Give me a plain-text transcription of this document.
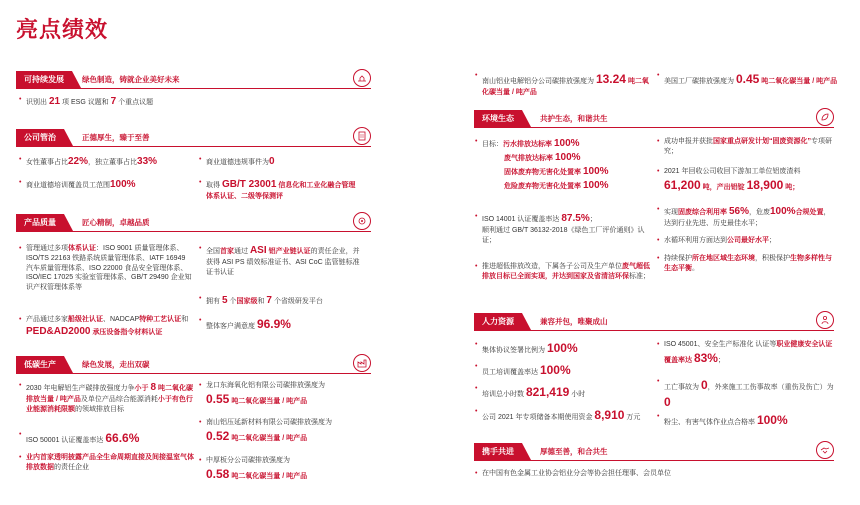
亮点绩效
可持续发展	绿色制造，铸就企业美好未来
• 识别出 21 项 ESG 议题和 7 个重点议题
公司管治	正德厚生，臻于至善
• 女性董事占比22%，独立董事占比33%
• 商业道德培训覆盖员工范围100%
• 商业道德违规事件为0
• 取得 GB/T 23001 信息化和工业化融合管理体系认证、二级等保测评
产品质量	匠心精制，卓越品质
• 管理通过多项体系认证：ISO 9001 质量管理体系、ISO/TS 22163 铁路系统质量管理体系、IATF 16949 汽车质量管理体系、ISO 22000 食品安全管理体系、ISO/IEC 17025 实验室管理体系、GB/T 29490 企业知识产权管理体系等
• 产品通过多家船级社认证、NADCAP特种工艺认证和
PED&AD2000 承压设备指令材料认证
• 全国首家通过 ASI 铝产业链认证的责任企业，并获得 ASI PS 绩效标准证书、ASI CoC 监管链标准证书认证
• 拥有 5 个国家级和 7 个省级研发平台
• 整体客户满意度 96.9%
低碳生产	绿色发展，走出双碳
• 2030 年电解铝生产碳排放强度力争小于 8 吨二氧化碳排放当量 / 吨产品及单位产品综合能源消耗小于有色行业能源消耗限额的领域排放目标
• ISO 50001 认证覆盖率达 66.6%
• 业内首家透明披露产品全生命周期直接及间接温室气体排放数据的责任企业
• 龙口东海氧化铝有限公司碳排放强度为
0.55 吨二氧化碳当量 / 吨产品
• 南山铝压延新材料有限公司碳排放强度为
0.52 吨二氧化碳当量 / 吨产品
• 中厚板分公司碳排放强度为
0.58 吨二氧化碳当量 / 吨产品
• 南山铝业电解铝分公司碳排放强度为 13.24 吨二氧化碳当量 / 吨产品
• 美国工厂碳排放强度为 0.45 吨二氧化碳当量 / 吨产品
环境生态	共护生态，和谐共生
• 目标：污水排放达标率 100%
废气排放达标率 100%
固体废弃物无害化处置率 100%
危险废弃物无害化处置率 100%
• ISO 14001 认证覆盖率达 87.5%；
顺利通过 GB/T 36132-2018《绿色工厂评价通则》认证；
• 推进超低排放改造，下属各子公司及生产单位废气超低排放目标已全面实现，并达到国家及省清洁环保标准；
• 成功申报并获批国家重点研发计划“固废资源化”专项研究；
• 2021 年回收公司收回下游加工单位铝废渣料
61,200 吨，产出铝锭 18,900 吨；
• 实现固废综合利用率 56%，危废100%合规处置，达到行业先进、历史最佳水平；
• 水循环利用方面达到公司最好水平；
• 持续保护所在地区域生态环境，积极保护生物多样性与生态平衡。
人力资源	兼容并包，唯聚成山
• 集体协议签署比例为 100%
• 员工培训覆盖率达 100%
• 培训总小时数 821,419 小时
• 公司 2021 年专项储备本期使用资金 8,910 万元
• ISO 45001、安全生产标准化 认证等职业健康安全认证覆盖率达 83%；
• 工亡事故为 0，外来施工工伤事故率（重伤及伤亡）为 0
• 粉尘、有害气体作业点合格率 100%
携手共进	厚德至善，和合共生
• 在中国有色金属工业协会铝业分会等协会担任理事、会员单位
